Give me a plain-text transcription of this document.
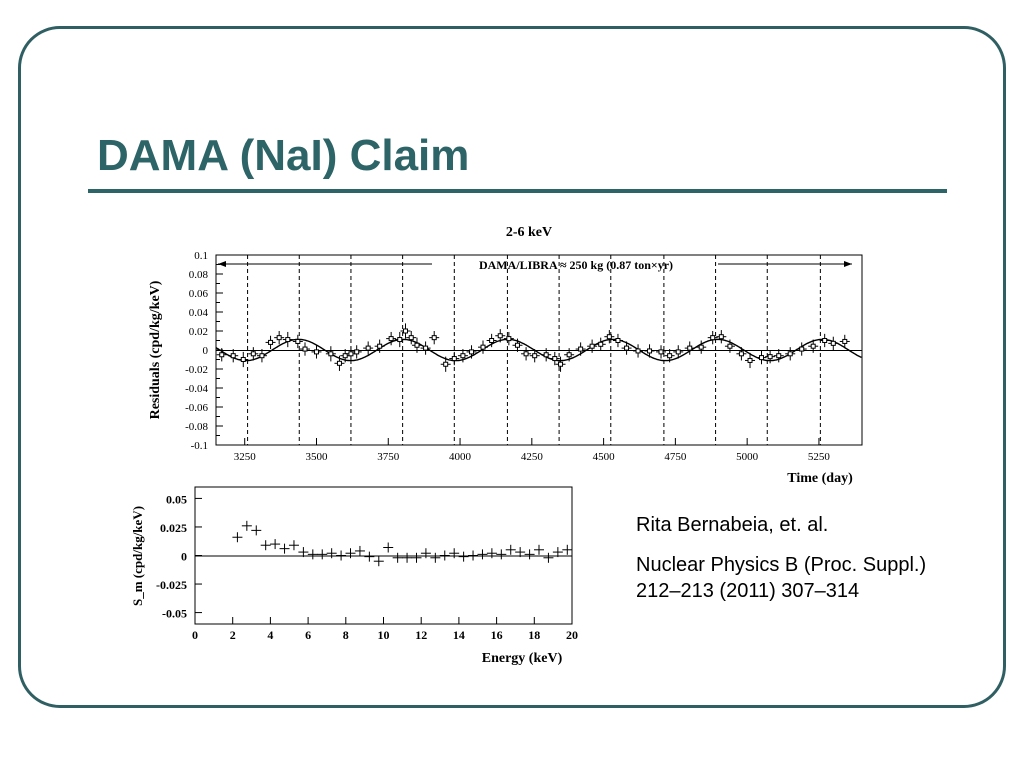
DAMA (NaI) Claim
2-6 keV
DAMA/LIBRA ≈ 250 kg (0.87 ton×yr)
0.1
0.08
0.06
0.04
0.02
0
-0.02
-0.04
-0.06
-0.08
-0.1
3250	3500	3750	4000	4250	4500	4750	5000	5250
Residuals (cpd/kg/keV)
Time (day)
0.05
0.025
0
-0.025
-0.05
0	2	4	6	8 10 12 14 16 18 20
S_m (cpd/kg/keV)
Energy (keV)

Rita Bernabeia, et. al.

Nuclear Physics B (Proc. Suppl.) 212–213 (2011) 307–314
